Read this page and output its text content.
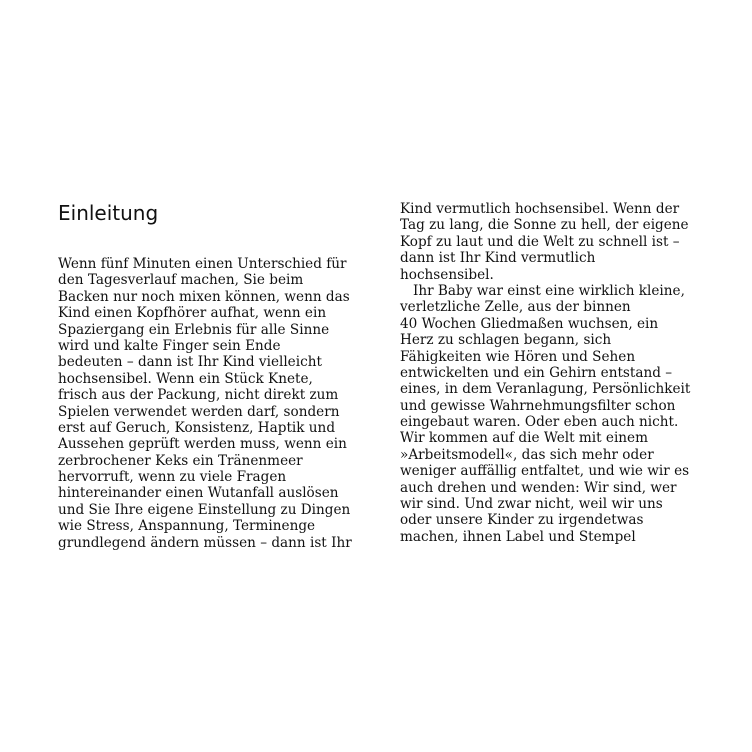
Einleitung
Wenn fünf Minuten einen Unterschied für
den Tagesverlauf machen, Sie beim
Backen nur noch mixen können, wenn das
Kind einen Kopfhörer aufhat, wenn ein
Spaziergang ein Erlebnis für alle Sinne
wird und kalte Finger sein Ende
bedeuten – dann ist Ihr Kind vielleicht
hochsensibel. Wenn ein Stück Knete,
frisch aus der Packung, nicht direkt zum
Spielen verwendet werden darf, sondern
erst auf Geruch, Konsistenz, Haptik und
Aussehen geprüft werden muss, wenn ein
zerbrochener Keks ein Tränenmeer
hervorruft, wenn zu viele Fragen
hintereinander einen Wutanfall auslösen
und Sie Ihre eigene Einstellung zu Dingen
wie Stress, Anspannung, Terminenge
grundlegend ändern müssen – dann ist Ihr
Kind vermutlich hochsensibel. Wenn der
Tag zu lang, die Sonne zu hell, der eigene
Kopf zu laut und die Welt zu schnell ist –
dann ist Ihr Kind vermutlich
hochsensibel.
Ihr Baby war einst eine wirklich kleine,
verletzliche Zelle, aus der binnen
40 Wochen Gliedmaßen wuchsen, ein
Herz zu schlagen begann, sich
Fähigkeiten wie Hören und Sehen
entwickelten und ein Gehirn entstand –
eines, in dem Veranlagung, Persönlichkeit
und gewisse Wahrnehmungsfilter schon
eingebaut waren. Oder eben auch nicht.
Wir kommen auf die Welt mit einem
»Arbeitsmodell«, das sich mehr oder
weniger auffällig entfaltet, und wie wir es
auch drehen und wenden: Wir sind, wer
wir sind. Und zwar nicht, weil wir uns
oder unsere Kinder zu irgendetwas
machen, ihnen Label und Stempel
